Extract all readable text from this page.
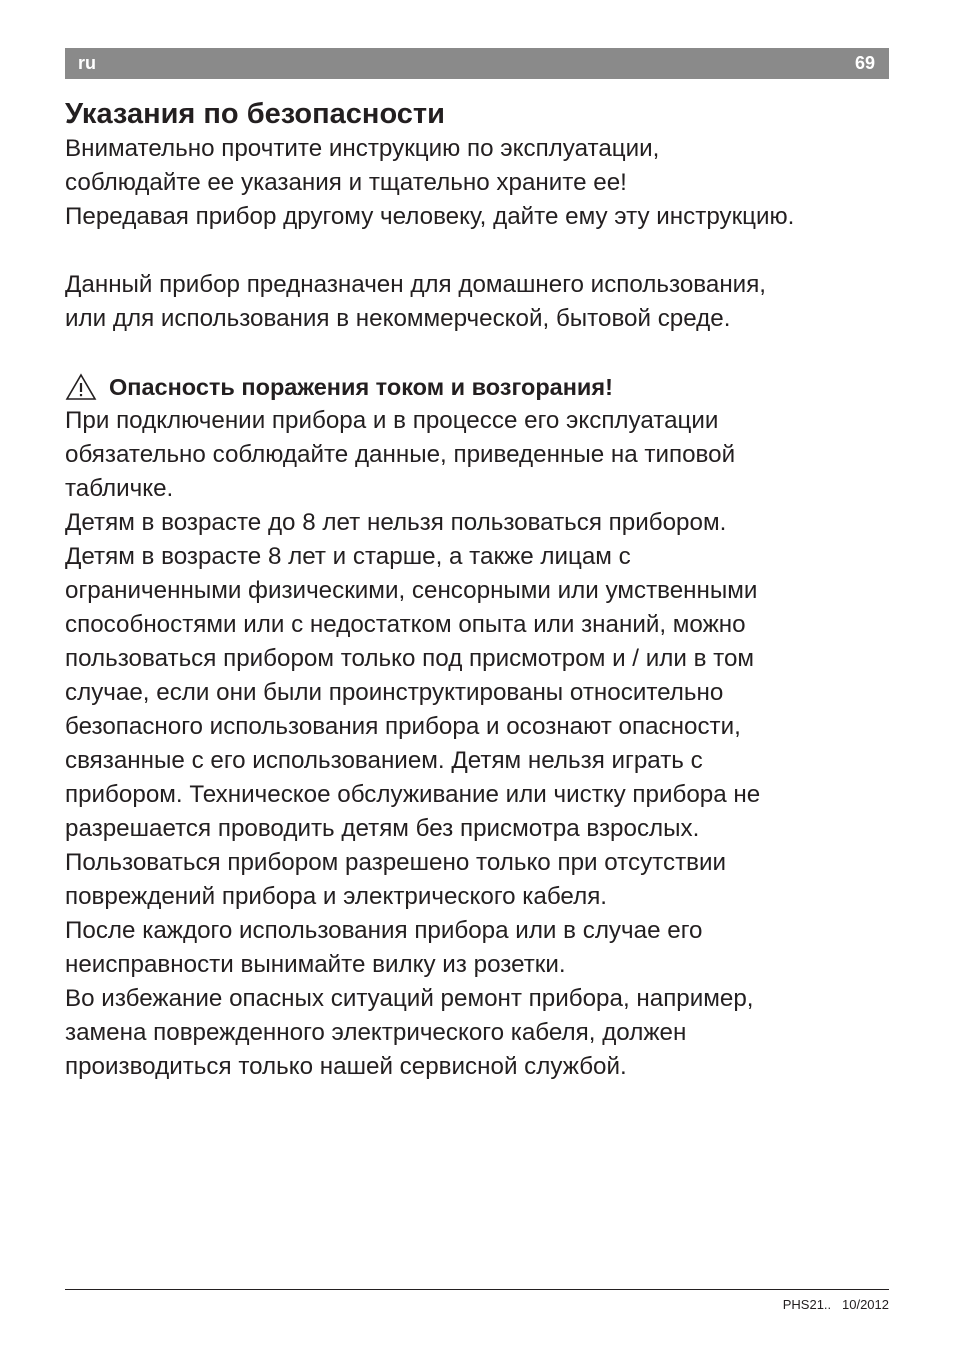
ru	69
Указания по безопасности

Внимательно прочтите инструкцию по эксплуатации,

соблюдайте ее указания и тщательно храните ее!

Передавая прибор другому человеку, дайте ему эту инструкцию.

Данный прибор предназначен для домашнего использования,

или для использования в некоммерческой, бытовой среде.

Опасность поражения током и возгорания!

При подключении прибора и в процессе его эксплуатации

обязательно соблюдайте данные, приведенные на типовой

табличке.

Детям в возрасте до 8 лет нельзя пользоваться прибором.

Детям в возрасте 8 лет и старше, а также лицам с

ограниченными физическими, сенсорными или умственными

способностями или с недостатком опыта или знаний, можно

пользоваться прибором только под присмотром и / или в том

случае, если они были проинструктированы относительно

безопасного использования прибора и осознают опасности,

связанные с его использованием. Детям нельзя играть с

прибором. Техническое обслуживание или чистку прибора не

разрешается проводить детям без присмотра взрослых.

Пользоваться прибором разрешено только при отсутствии

повреждений прибора и электрического кабеля.

После каждого использования прибора или в случае его

неисправности вынимайте вилку из розетки.

Во избежание опасных ситуаций ремонт прибора, например,

замена поврежденного электрического кабеля, должен

производиться только нашей сервисной службой.

PHS21.. 10/2012
